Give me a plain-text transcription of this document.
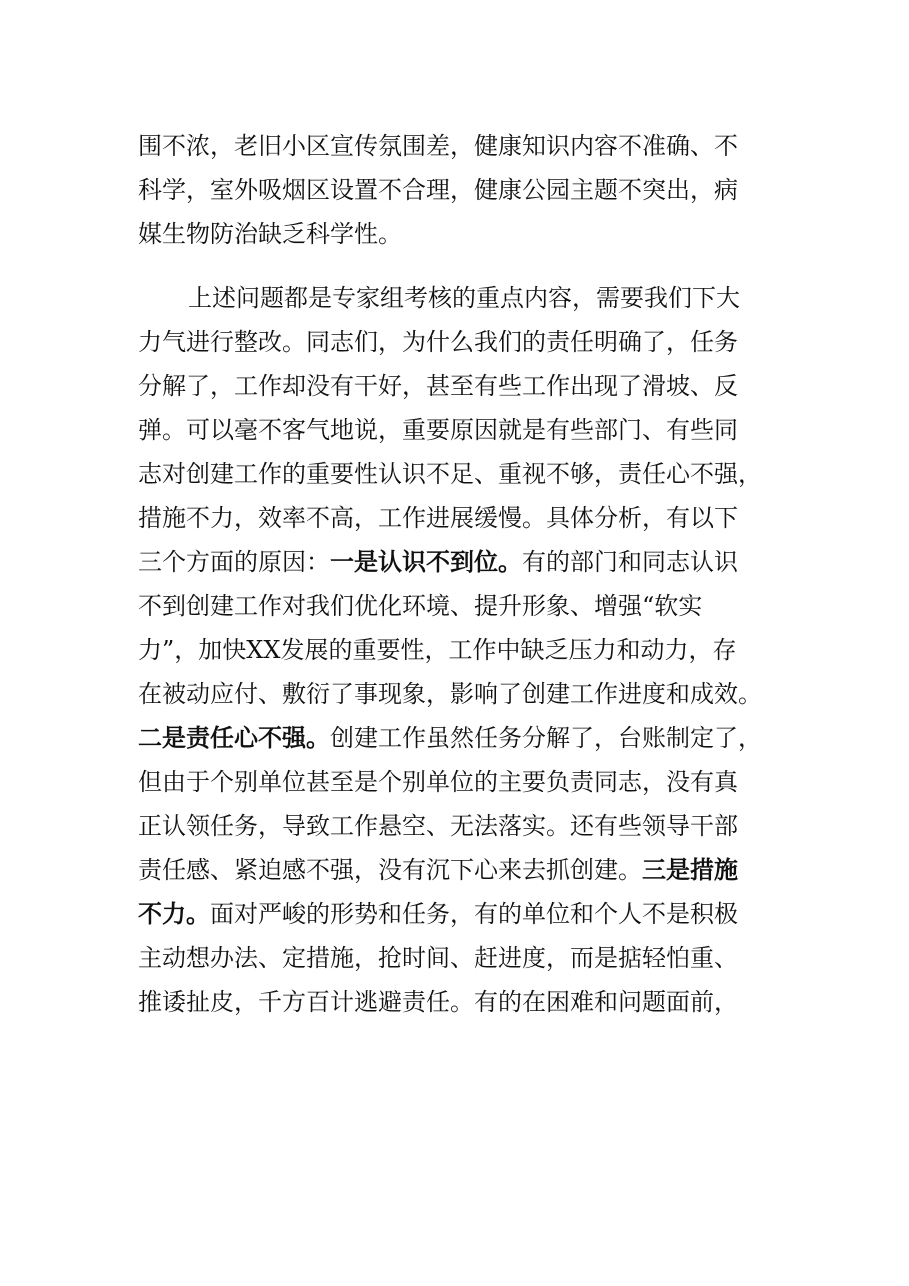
围不浓，老旧小区宣传氛围差，健康知识内容不准确、不
科学，室外吸烟区设置不合理，健康公园主题不突出，病
媒生物防治缺乏科学性。
上述问题都是专家组考核的重点内容，需要我们下大
力气进行整改。同志们，为什么我们的责任明确了，任务
分解了，工作却没有干好，甚至有些工作出现了滑坡、反
弹。可以毫不客气地说，重要原因就是有些部门、有些同
志对创建工作的重要性认识不足、重视不够，责任心不强，
措施不力，效率不高，工作进展缓慢。具体分析，有以下
三个方面的原因：一是认识不到位。有的部门和同志认识
不到创建工作对我们优化环境、提升形象、增强“软实
力”，加快XX发展的重要性，工作中缺乏压力和动力，存
在被动应付、敷衍了事现象，影响了创建工作进度和成效。
二是责任心不强。创建工作虽然任务分解了，台账制定了，
但由于个别单位甚至是个别单位的主要负责同志，没有真
正认领任务，导致工作悬空、无法落实。还有些领导干部
责任感、紧迫感不强，没有沉下心来去抓创建。三是措施
不力。面对严峻的形势和任务，有的单位和个人不是积极
主动想办法、定措施，抢时间、赶进度，而是掂轻怕重、
推诿扯皮，千方百计逃避责任。有的在困难和问题面前，
